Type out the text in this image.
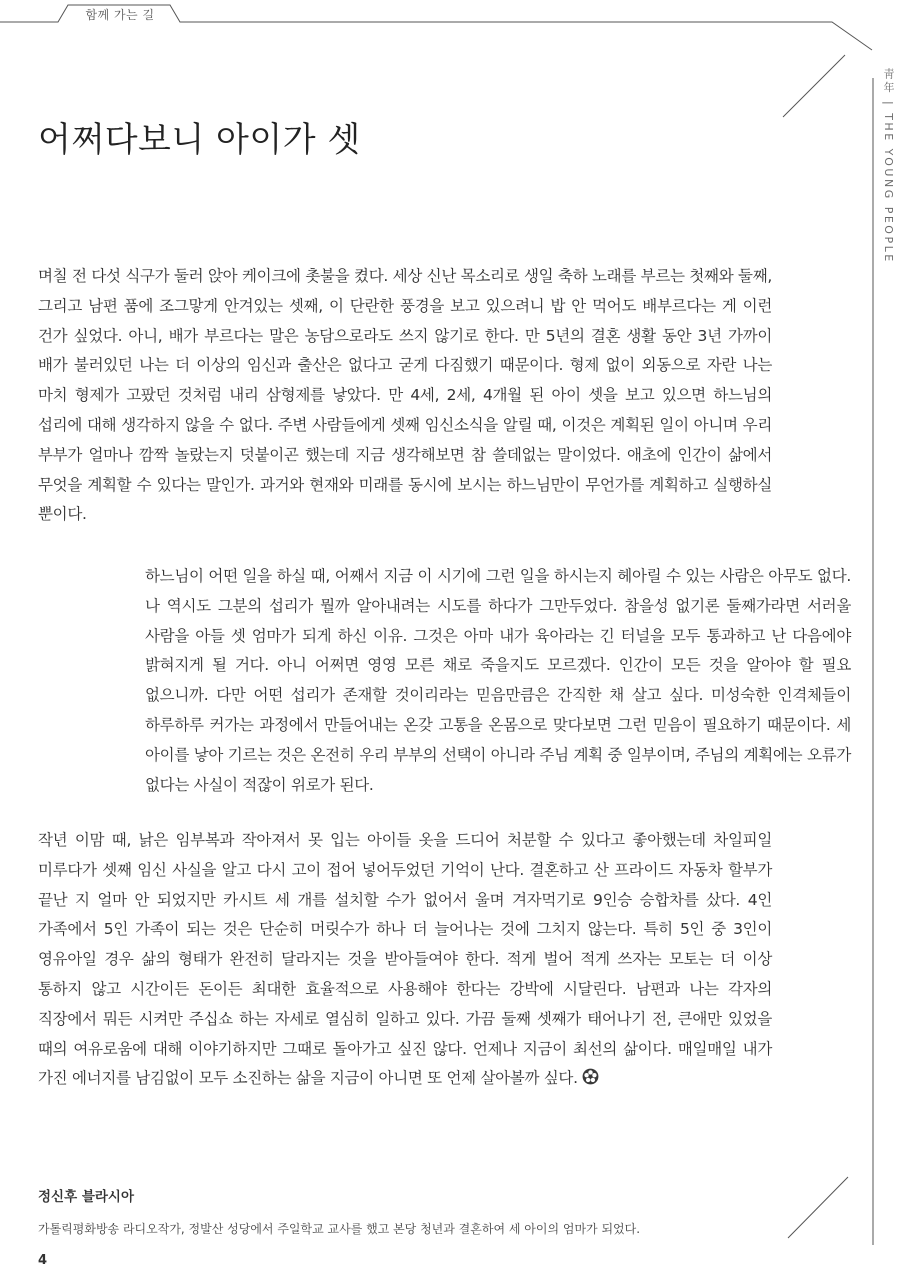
함께 가는 길
靑年 | THE YOUNG PEOPLE
어쩌다보니 아이가 셋

며칠 전 다섯 식구가 둘러 앉아 케이크에 촛불을 켰다. 세상 신난 목소리로 생일 축하 노래를 부르는 첫째와 둘째, 그리고 남편 품에 조그맣게 안겨있는 셋째, 이 단란한 풍경을 보고 있으려니 밥 안 먹어도 배부르다는 게 이런 건가 싶었다. 아니, 배가 부르다는 말은 농담으로라도 쓰지 않기로 한다. 만 5년의 결혼 생활 동안 3년 가까이 배가 불러있던 나는 더 이상의 임신과 출산은 없다고 굳게 다짐했기 때문이다. 형제 없이 외동으로 자란 나는 마치 형제가 고팠던 것처럼 내리 삼형제를 낳았다. 만 4세, 2세, 4개월 된 아이 셋을 보고 있으면 하느님의 섭리에 대해 생각하지 않을 수 없다. 주변 사람들에게 셋째 임신소식을 알릴 때, 이것은 계획된 일이 아니며 우리 부부가 얼마나 깜짝 놀랐는지 덧붙이곤 했는데 지금 생각해보면 참 쓸데없는 말이었다. 애초에 인간이 삶에서 무엇을 계획할 수 있다는 말인가. 과거와 현재와 미래를 동시에 보시는 하느님만이 무언가를 계획하고 실행하실 뿐이다.

하느님이 어떤 일을 하실 때, 어째서 지금 이 시기에 그런 일을 하시는지 헤아릴 수 있는 사람은 아무도 없다. 나 역시도 그분의 섭리가 뭘까 알아내려는 시도를 하다가 그만두었다. 참을성 없기론 둘째가라면 서러울 사람을 아들 셋 엄마가 되게 하신 이유. 그것은 아마 내가 육아라는 긴 터널을 모두 통과하고 난 다음에야 밝혀지게 될 거다. 아니 어쩌면 영영 모른 채로 죽을지도 모르겠다. 인간이 모든 것을 알아야 할 필요 없으니까. 다만 어떤 섭리가 존재할 것이리라는 믿음만큼은 간직한 채 살고 싶다. 미성숙한 인격체들이 하루하루 커가는 과정에서 만들어내는 온갖 고통을 온몸으로 맞다보면 그런 믿음이 필요하기 때문이다. 세 아이를 낳아 기르는 것은 온전히 우리 부부의 선택이 아니라 주님 계획 중 일부이며, 주님의 계획에는 오류가 없다는 사실이 적잖이 위로가 된다.

작년 이맘 때, 낡은 임부복과 작아져서 못 입는 아이들 옷을 드디어 처분할 수 있다고 좋아했는데 차일피일 미루다가 셋째 임신 사실을 알고 다시 고이 접어 넣어두었던 기억이 난다. 결혼하고 산 프라이드 자동차 할부가 끝난 지 얼마 안 되었지만 카시트 세 개를 설치할 수가 없어서 울며 겨자먹기로 9인승 승합차를 샀다. 4인 가족에서 5인 가족이 되는 것은 단순히 머릿수가 하나 더 늘어나는 것에 그치지 않는다. 특히 5인 중 3인이 영유아일 경우 삶의 형태가 완전히 달라지는 것을 받아들여야 한다. 적게 벌어 적게 쓰자는 모토는 더 이상 통하지 않고 시간이든 돈이든 최대한 효율적으로 사용해야 한다는 강박에 시달린다. 남편과 나는 각자의 직장에서 뭐든 시켜만 주십쇼 하는 자세로 열심히 일하고 있다. 가끔 둘째 셋째가 태어나기 전, 큰애만 있었을 때의 여유로움에 대해 이야기하지만 그때로 돌아가고 싶진 않다. 언제나 지금이 최선의 삶이다. 매일매일 내가 가진 에너지를 남김없이 모두 소진하는 삶을 지금이 아니면 또 언제 살아볼까 싶다.

정신후 블라시아

가톨릭평화방송 라디오작가, 정발산 성당에서 주일학교 교사를 했고 본당 청년과 결혼하여 세 아이의 엄마가 되었다.

4
